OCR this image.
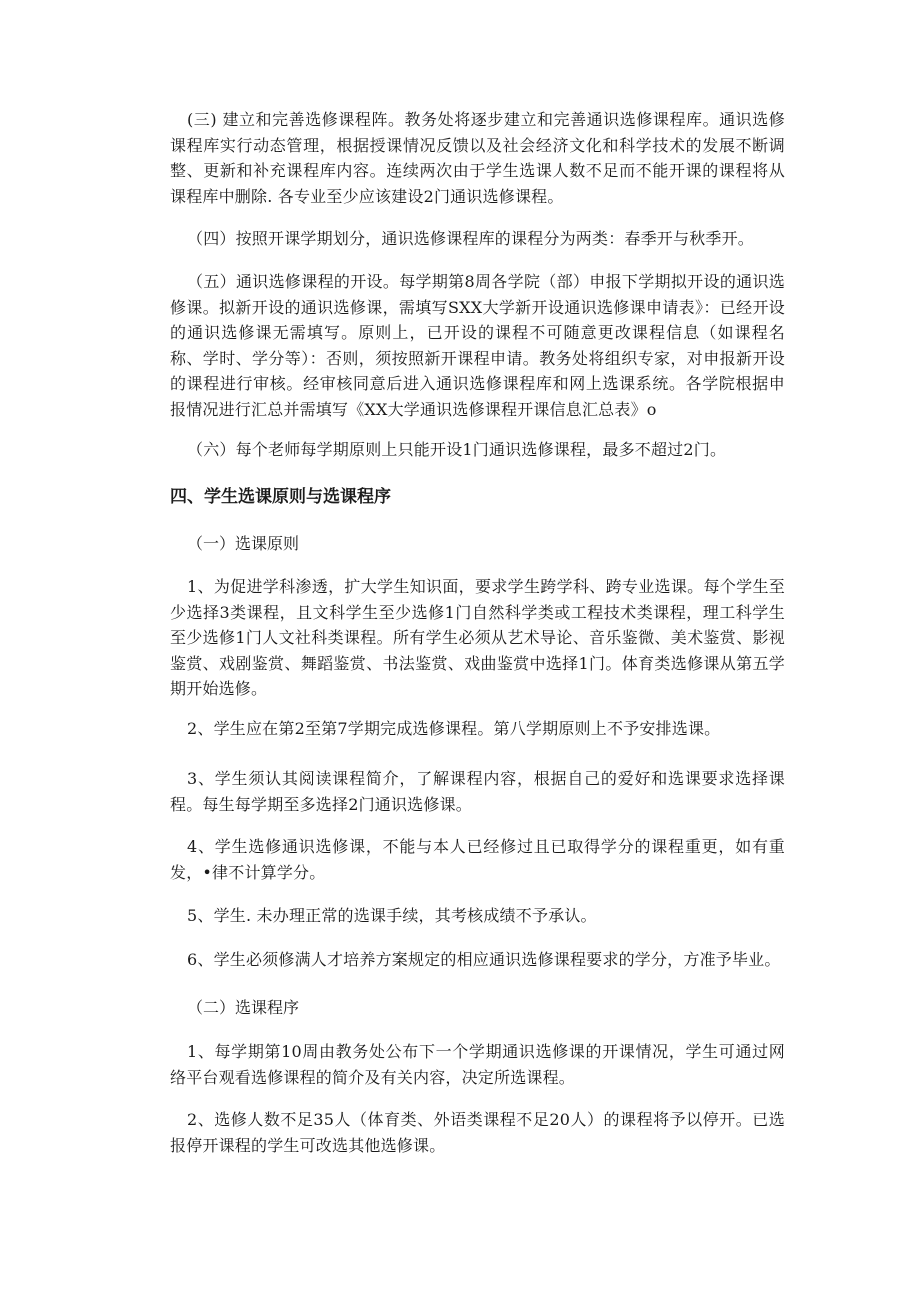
(三) 建立和完善选修课程阵。教务处将逐步建立和完善通识选修课程库。通识选修课程库实行动态管理，根据授课情况反馈以及社会经济文化和科学技术的发展不断调整、更新和补充课程库内容。连续两次由于学生选课人数不足而不能开课的课程将从课程库中删除. 各专业至少应该建设2门通识选修课程。

（四）按照开课学期划分，通识选修课程库的课程分为两类：春季开与秋季开。

（五）通识选修课程的开设。每学期第8周各学院（部）申报下学期拟开设的通识选修课。拟新开设的通识选修课，需填写SXX大学新开设通识选修课申请表》：已经开设的通识选修课无需填写。原则上，已开设的课程不可随意更改课程信息（如课程名称、学时、学分等）：否则，须按照新开课程申请。教务处将组织专家，对申报新开设的课程进行审核。经审核同意后进入通识选修课程库和网上选课系统。各学院根据申报情况进行汇总并需填写《XX大学通识选修课程开课信息汇总表》o

（六）每个老师每学期原则上只能开设1门通识选修课程，最多不超过2门。

四、学生选课原则与选课程序

（一）选课原则

1、为促进学科渗透，扩大学生知识面，要求学生跨学科、跨专业选课。每个学生至少选择3类课程，且文科学生至少选修1门自然科学类或工程技术类课程，理工科学生至少选修1门人文社科类课程。所有学生必须从艺术导论、音乐鉴微、美术鉴赏、影视鉴赏、戏剧鉴赏、舞蹈鉴赏、书法鉴赏、戏曲鉴赏中选择1门。体育类选修课从第五学期开始选修。

2、学生应在第2至第7学期完成选修课程。第八学期原则上不予安排选课。

3、学生须认其阅读课程简介，了解课程内容，根据自己的爱好和选课要求选择课程。每生每学期至多选择2门通识选修课。

4、学生选修通识选修课，不能与本人已经修过且已取得学分的课程重更，如有重发，•律不计算学分。

5、学生. 未办理正常的选课手续，其考核成绩不予承认。

6、学生必须修满人才培养方案规定的相应通识选修课程要求的学分，方准予毕业。

（二）选课程序

1、每学期第10周由教务处公布下一个学期通识选修课的开课情况，学生可通过网络平台观看选修课程的简介及有关内容，决定所选课程。

2、选修人数不足35人（体育类、外语类课程不足20人）的课程将予以停开。已选报停开课程的学生可改选其他选修课。
